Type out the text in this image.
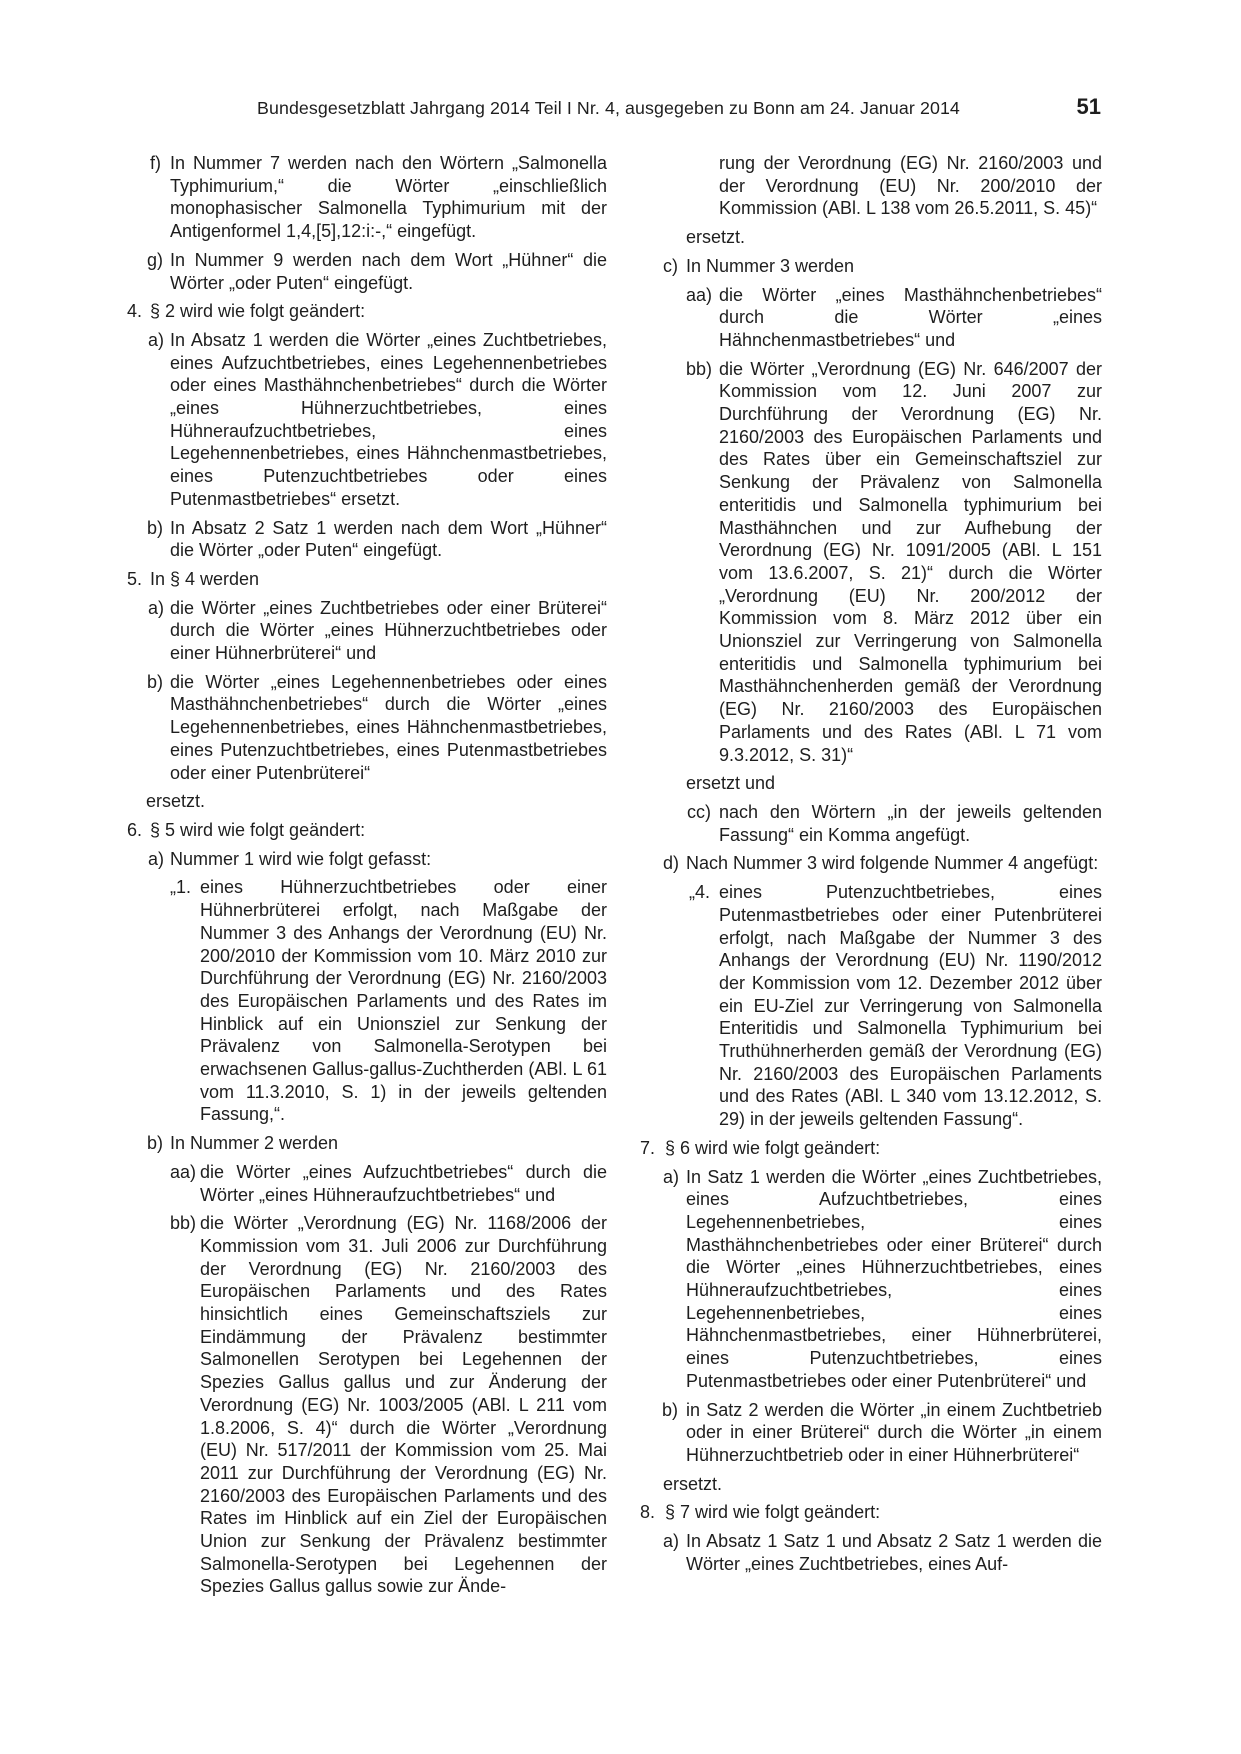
Bundesgesetzblatt Jahrgang 2014 Teil I Nr. 4, ausgegeben zu Bonn am 24. Januar 2014	51
f) In Nummer 7 werden nach den Wörtern „Salmonella Typhimurium,“ die Wörter „einschließlich monophasischer Salmonella Typhimurium mit der Antigenformel 1,4,[5],12:i:-,“ eingefügt.
g) In Nummer 9 werden nach dem Wort „Hühner“ die Wörter „oder Puten“ eingefügt.
4. § 2 wird wie folgt geändert:
a) In Absatz 1 werden die Wörter „eines Zuchtbetriebes, eines Aufzuchtbetriebes, eines Legehennenbetriebes oder eines Masthähnchenbetriebes“ durch die Wörter „eines Hühnerzuchtbetriebes, eines Hühneraufzuchtbetriebes, eines Legehennenbetriebes, eines Hähnchenmastbetriebes, eines Putenzuchtbetriebes oder eines Putenmastbetriebes“ ersetzt.
b) In Absatz 2 Satz 1 werden nach dem Wort „Hühner“ die Wörter „oder Puten“ eingefügt.
5. In § 4 werden
a) die Wörter „eines Zuchtbetriebes oder einer Brüterei“ durch die Wörter „eines Hühnerzuchtbetriebes oder einer Hühnerbrüterei“ und
b) die Wörter „eines Legehennenbetriebes oder eines Masthähnchenbetriebes“ durch die Wörter „eines Legehennenbetriebes, eines Hähnchenmastbetriebes, eines Putenzuchtbetriebes, eines Putenmastbetriebes oder einer Putenbrüterei“
ersetzt.
6. § 5 wird wie folgt geändert:
a) Nummer 1 wird wie folgt gefasst:
„1. eines Hühnerzuchtbetriebes oder einer Hühnerbrüterei erfolgt, nach Maßgabe der Nummer 3 des Anhangs der Verordnung (EU) Nr. 200/2010 der Kommission vom 10. März 2010 zur Durchführung der Verordnung (EG) Nr. 2160/2003 des Europäischen Parlaments und des Rates im Hinblick auf ein Unionsziel zur Senkung der Prävalenz von Salmonella-Serotypen bei erwachsenen Gallus-gallus-Zuchtherden (ABl. L 61 vom 11.3.2010, S. 1) in der jeweils geltenden Fassung,“.
b) In Nummer 2 werden
aa) die Wörter „eines Aufzuchtbetriebes“ durch die Wörter „eines Hühneraufzuchtbetriebes“ und
bb) die Wörter „Verordnung (EG) Nr. 1168/2006 der Kommission vom 31. Juli 2006 zur Durchführung der Verordnung (EG) Nr. 2160/2003 des Europäischen Parlaments und des Rates hinsichtlich eines Gemeinschaftsziels zur Eindämmung der Prävalenz bestimmter Salmonellen Serotypen bei Legehennen der Spezies Gallus gallus und zur Änderung der Verordnung (EG) Nr. 1003/2005 (ABl. L 211 vom 1.8.2006, S. 4)“ durch die Wörter „Verordnung (EU) Nr. 517/2011 der Kommission vom 25. Mai 2011 zur Durchführung der Verordnung (EG) Nr. 2160/2003 des Europäischen Parlaments und des Rates im Hinblick auf ein Ziel der Europäischen Union zur Senkung der Prävalenz bestimmter Salmonella-Serotypen bei Legehennen der Spezies Gallus gallus sowie zur Ände-
rung der Verordnung (EG) Nr. 2160/2003 und der Verordnung (EU) Nr. 200/2010 der Kommission (ABl. L 138 vom 26.5.2011, S. 45)“
ersetzt.
c) In Nummer 3 werden
aa) die Wörter „eines Masthähnchenbetriebes“ durch die Wörter „eines Hähnchenmastbetriebes“ und
bb) die Wörter „Verordnung (EG) Nr. 646/2007 der Kommission vom 12. Juni 2007 zur Durchführung der Verordnung (EG) Nr. 2160/2003 des Europäischen Parlaments und des Rates über ein Gemeinschaftsziel zur Senkung der Prävalenz von Salmonella enteritidis und Salmonella typhimurium bei Masthähnchen und zur Aufhebung der Verordnung (EG) Nr. 1091/2005 (ABl. L 151 vom 13.6.2007, S. 21)“ durch die Wörter „Verordnung (EU) Nr. 200/2012 der Kommission vom 8. März 2012 über ein Unionsziel zur Verringerung von Salmonella enteritidis und Salmonella typhimurium bei Masthähnchenherden gemäß der Verordnung (EG) Nr. 2160/2003 des Europäischen Parlaments und des Rates (ABl. L 71 vom 9.3.2012, S. 31)“
ersetzt und
cc) nach den Wörtern „in der jeweils geltenden Fassung“ ein Komma angefügt.
d) Nach Nummer 3 wird folgende Nummer 4 angefügt:
„4. eines Putenzuchtbetriebes, eines Putenmastbetriebes oder einer Putenbrüterei erfolgt, nach Maßgabe der Nummer 3 des Anhangs der Verordnung (EU) Nr. 1190/2012 der Kommission vom 12. Dezember 2012 über ein EU-Ziel zur Verringerung von Salmonella Enteritidis und Salmonella Typhimurium bei Truthühnerherden gemäß der Verordnung (EG) Nr. 2160/2003 des Europäischen Parlaments und des Rates (ABl. L 340 vom 13.12.2012, S. 29) in der jeweils geltenden Fassung“.
7. § 6 wird wie folgt geändert:
a) In Satz 1 werden die Wörter „eines Zuchtbetriebes, eines Aufzuchtbetriebes, eines Legehennenbetriebes, eines Masthähnchenbetriebes oder einer Brüterei“ durch die Wörter „eines Hühnerzuchtbetriebes, eines Hühneraufzuchtbetriebes, eines Legehennenbetriebes, eines Hähnchenmastbetriebes, einer Hühnerbrüterei, eines Putenzuchtbetriebes, eines Putenmastbetriebes oder einer Putenbrüterei“ und
b) in Satz 2 werden die Wörter „in einem Zuchtbetrieb oder in einer Brüterei“ durch die Wörter „in einem Hühnerzuchtbetrieb oder in einer Hühnerbrüterei“
ersetzt.
8. § 7 wird wie folgt geändert:
a) In Absatz 1 Satz 1 und Absatz 2 Satz 1 werden die Wörter „eines Zuchtbetriebes, eines Auf-
